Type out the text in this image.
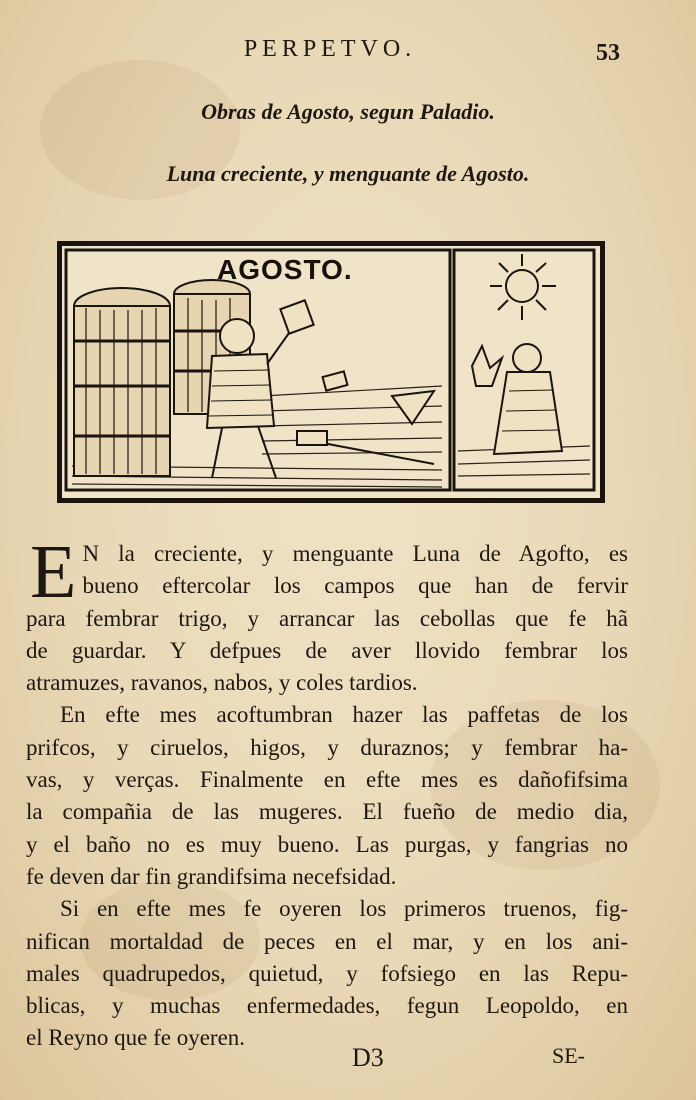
PERPETVO.	53
Obras de Agosto, segun Paladio.
Luna creciente, y menguante de Agosto.
AGOSTO.
E N la creciente, y menguante Luna de Agofto, es
bueno eftercolar los campos que han de fervir
para fembrar trigo, y arrancar las cebollas que fe hã
de guardar. Y defpues de aver llovido fembrar los
atramuzes, ravanos, nabos, y coles tardios.
En efte mes acoftumbran hazer las paffetas de los
prifcos, y ciruelos, higos, y duraznos; y fembrar ha-
vas, y verças. Finalmente en efte mes es dañofifsima
la compañia de las mugeres. El fueño de medio dia,
y el baño no es muy bueno. Las purgas, y fangrias no
fe deven dar fin grandifsima necefsidad.
Si en efte mes fe oyeren los primeros truenos, fig-
nifican mortaldad de peces en el mar, y en los ani-
males quadrupedos, quietud, y fofsiego en las Repu-
blicas, y muchas enfermedades, fegun Leopoldo, en
el Reyno que fe oyeren.
D3	SE-
